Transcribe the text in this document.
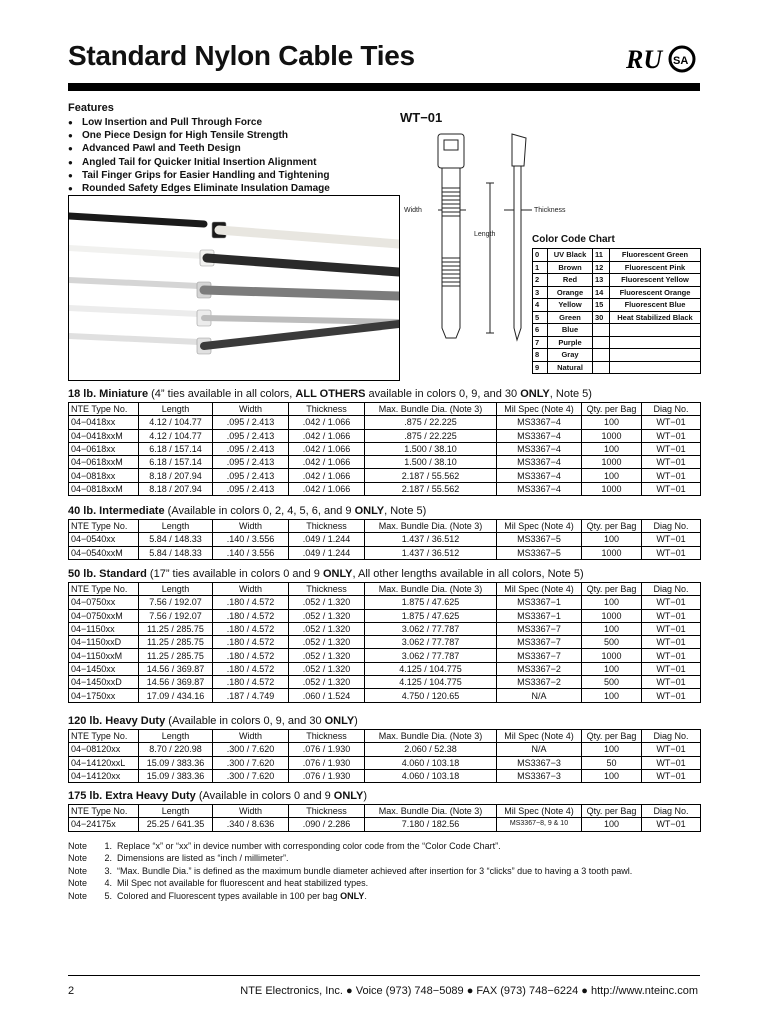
Standard Nylon Cable Ties	RU SA
Features
● Low Insertion and Pull Through Force
● One Piece Design for High Tensile Strength
● Advanced Pawl and Teeth Design
● Angled Tail for Quicker Initial Insertion Alignment
● Tail Finger Grips for Easier Handling and Tightening
● Rounded Safety Edges Eliminate Insulation Damage
WT−01
Width	Thickness
Length	Color Code Chart
0	UV Black	11	Fluorescent Green
1	Brown	12	Fluorescent Pink
2	Red	13	Fluorescent Yellow
3	Orange	14	Fluorescent Orange
4	Yellow	15	Fluorescent Blue
5	Green	30	Heat Stabilized Black
6	Blue		
7	Purple		
8	Gray		
9	Natural		
18 lb. Miniature (4” ties available in all colors, ALL OTHERS available in colors 0, 9, and 30 ONLY, Note 5)
NTE Type No.	Length	Width	Thickness	Max. Bundle Dia. (Note 3)	Mil Spec (Note 4)	Qty. per Bag	Diag No.
04−0418xx	4.12 / 104.77	.095 / 2.413	.042 / 1.066	.875 / 22.225	MS3367−4	100	WT−01
04−0418xxM	4.12 / 104.77	.095 / 2.413	.042 / 1.066	.875 / 22.225	MS3367−4	1000	WT−01
04−0618xx	6.18 / 157.14	.095 / 2.413	.042 / 1.066	1.500 / 38.10	MS3367−4	100	WT−01
04−0618xxM	6.18 / 157.14	.095 / 2.413	.042 / 1.066	1.500 / 38.10	MS3367−4	1000	WT−01
04−0818xx	8.18 / 207.94	.095 / 2.413	.042 / 1.066	2.187 / 55.562	MS3367−4	100	WT−01
04−0818xxM	8.18 / 207.94	.095 / 2.413	.042 / 1.066	2.187 / 55.562	MS3367−4	1000	WT−01
40 lb. Intermediate (Available in colors 0, 2, 4, 5, 6, and 9 ONLY, Note 5)
NTE Type No.	Length	Width	Thickness	Max. Bundle Dia. (Note 3)	Mil Spec (Note 4)	Qty. per Bag	Diag No.
04−0540xx	5.84 / 148.33	.140 / 3.556	.049 / 1.244	1.437 / 36.512	MS3367−5	100	WT−01
04−0540xxM	5.84 / 148.33	.140 / 3.556	.049 / 1.244	1.437 / 36.512	MS3367−5	1000	WT−01
50 lb. Standard (17” ties available in colors 0 and 9 ONLY, All other lengths available in all colors, Note 5)
NTE Type No.	Length	Width	Thickness	Max. Bundle Dia. (Note 3)	Mil Spec (Note 4)	Qty. per Bag	Diag No.
04−0750xx	7.56 / 192.07	.180 / 4.572	.052 / 1.320	1.875 / 47.625	MS3367−1	100	WT−01
04−0750xxM	7.56 / 192.07	.180 / 4.572	.052 / 1.320	1.875 / 47.625	MS3367−1	1000	WT−01
04−1150xx	11.25 / 285.75	.180 / 4.572	.052 / 1.320	3.062 / 77.787	MS3367−7	100	WT−01
04−1150xxD	11.25 / 285.75	.180 / 4.572	.052 / 1.320	3.062 / 77.787	MS3367−7	500	WT−01
04−1150xxM	11.25 / 285.75	.180 / 4.572	.052 / 1.320	3.062 / 77.787	MS3367−7	1000	WT−01
04−1450xx	14.56 / 369.87	.180 / 4.572	.052 / 1.320	4.125 / 104.775	MS3367−2	100	WT−01
04−1450xxD	14.56 / 369.87	.180 / 4.572	.052 / 1.320	4.125 / 104.775	MS3367−2	500	WT−01
04−1750xx	17.09 / 434.16	.187 / 4.749	.060 / 1.524	4.750 / 120.65	N/A	100	WT−01
120 lb. Heavy Duty (Available in colors 0, 9, and 30 ONLY)
NTE Type No.	Length	Width	Thickness	Max. Bundle Dia. (Note 3)	Mil Spec (Note 4)	Qty. per Bag	Diag No.
04−08120xx	8.70 / 220.98	.300 / 7.620	.076 / 1.930	2.060 / 52.38	N/A	100	WT−01
04−14120xxL	15.09 / 383.36	.300 / 7.620	.076 / 1.930	4.060 / 103.18	MS3367−3	50	WT−01
04−14120xx	15.09 / 383.36	.300 / 7.620	.076 / 1.930	4.060 / 103.18	MS3367−3	100	WT−01
175 lb. Extra Heavy Duty (Available in colors 0 and 9 ONLY)
NTE Type No.	Length	Width	Thickness	Max. Bundle Dia. (Note 3)	Mil Spec (Note 4)	Qty. per Bag	Diag No.
04−24175x	25.25 / 641.35	.340 / 8.636	.090 / 2.286	7.180 / 182.56	MS3367−8, 9 & 10	100	WT−01
Note 1. Replace “x” or “xx” in device number with corresponding color code from the “Color Code Chart”.
Note 2. Dimensions are listed as “inch / millimeter”.
Note 3. “Max. Bundle Dia.” is defined as the maximum bundle diameter achieved after insertion for 3 “clicks” due to having a 3 tooth pawl.
Note 4. Mil Spec not available for fluorescent and heat stabilized types.
Note 5. Colored and Fluorescent types available in 100 per bag ONLY.
2	NTE Electronics, Inc. ● Voice (973) 748−5089 ● FAX (973) 748−6224 ● http://www.nteinc.com
